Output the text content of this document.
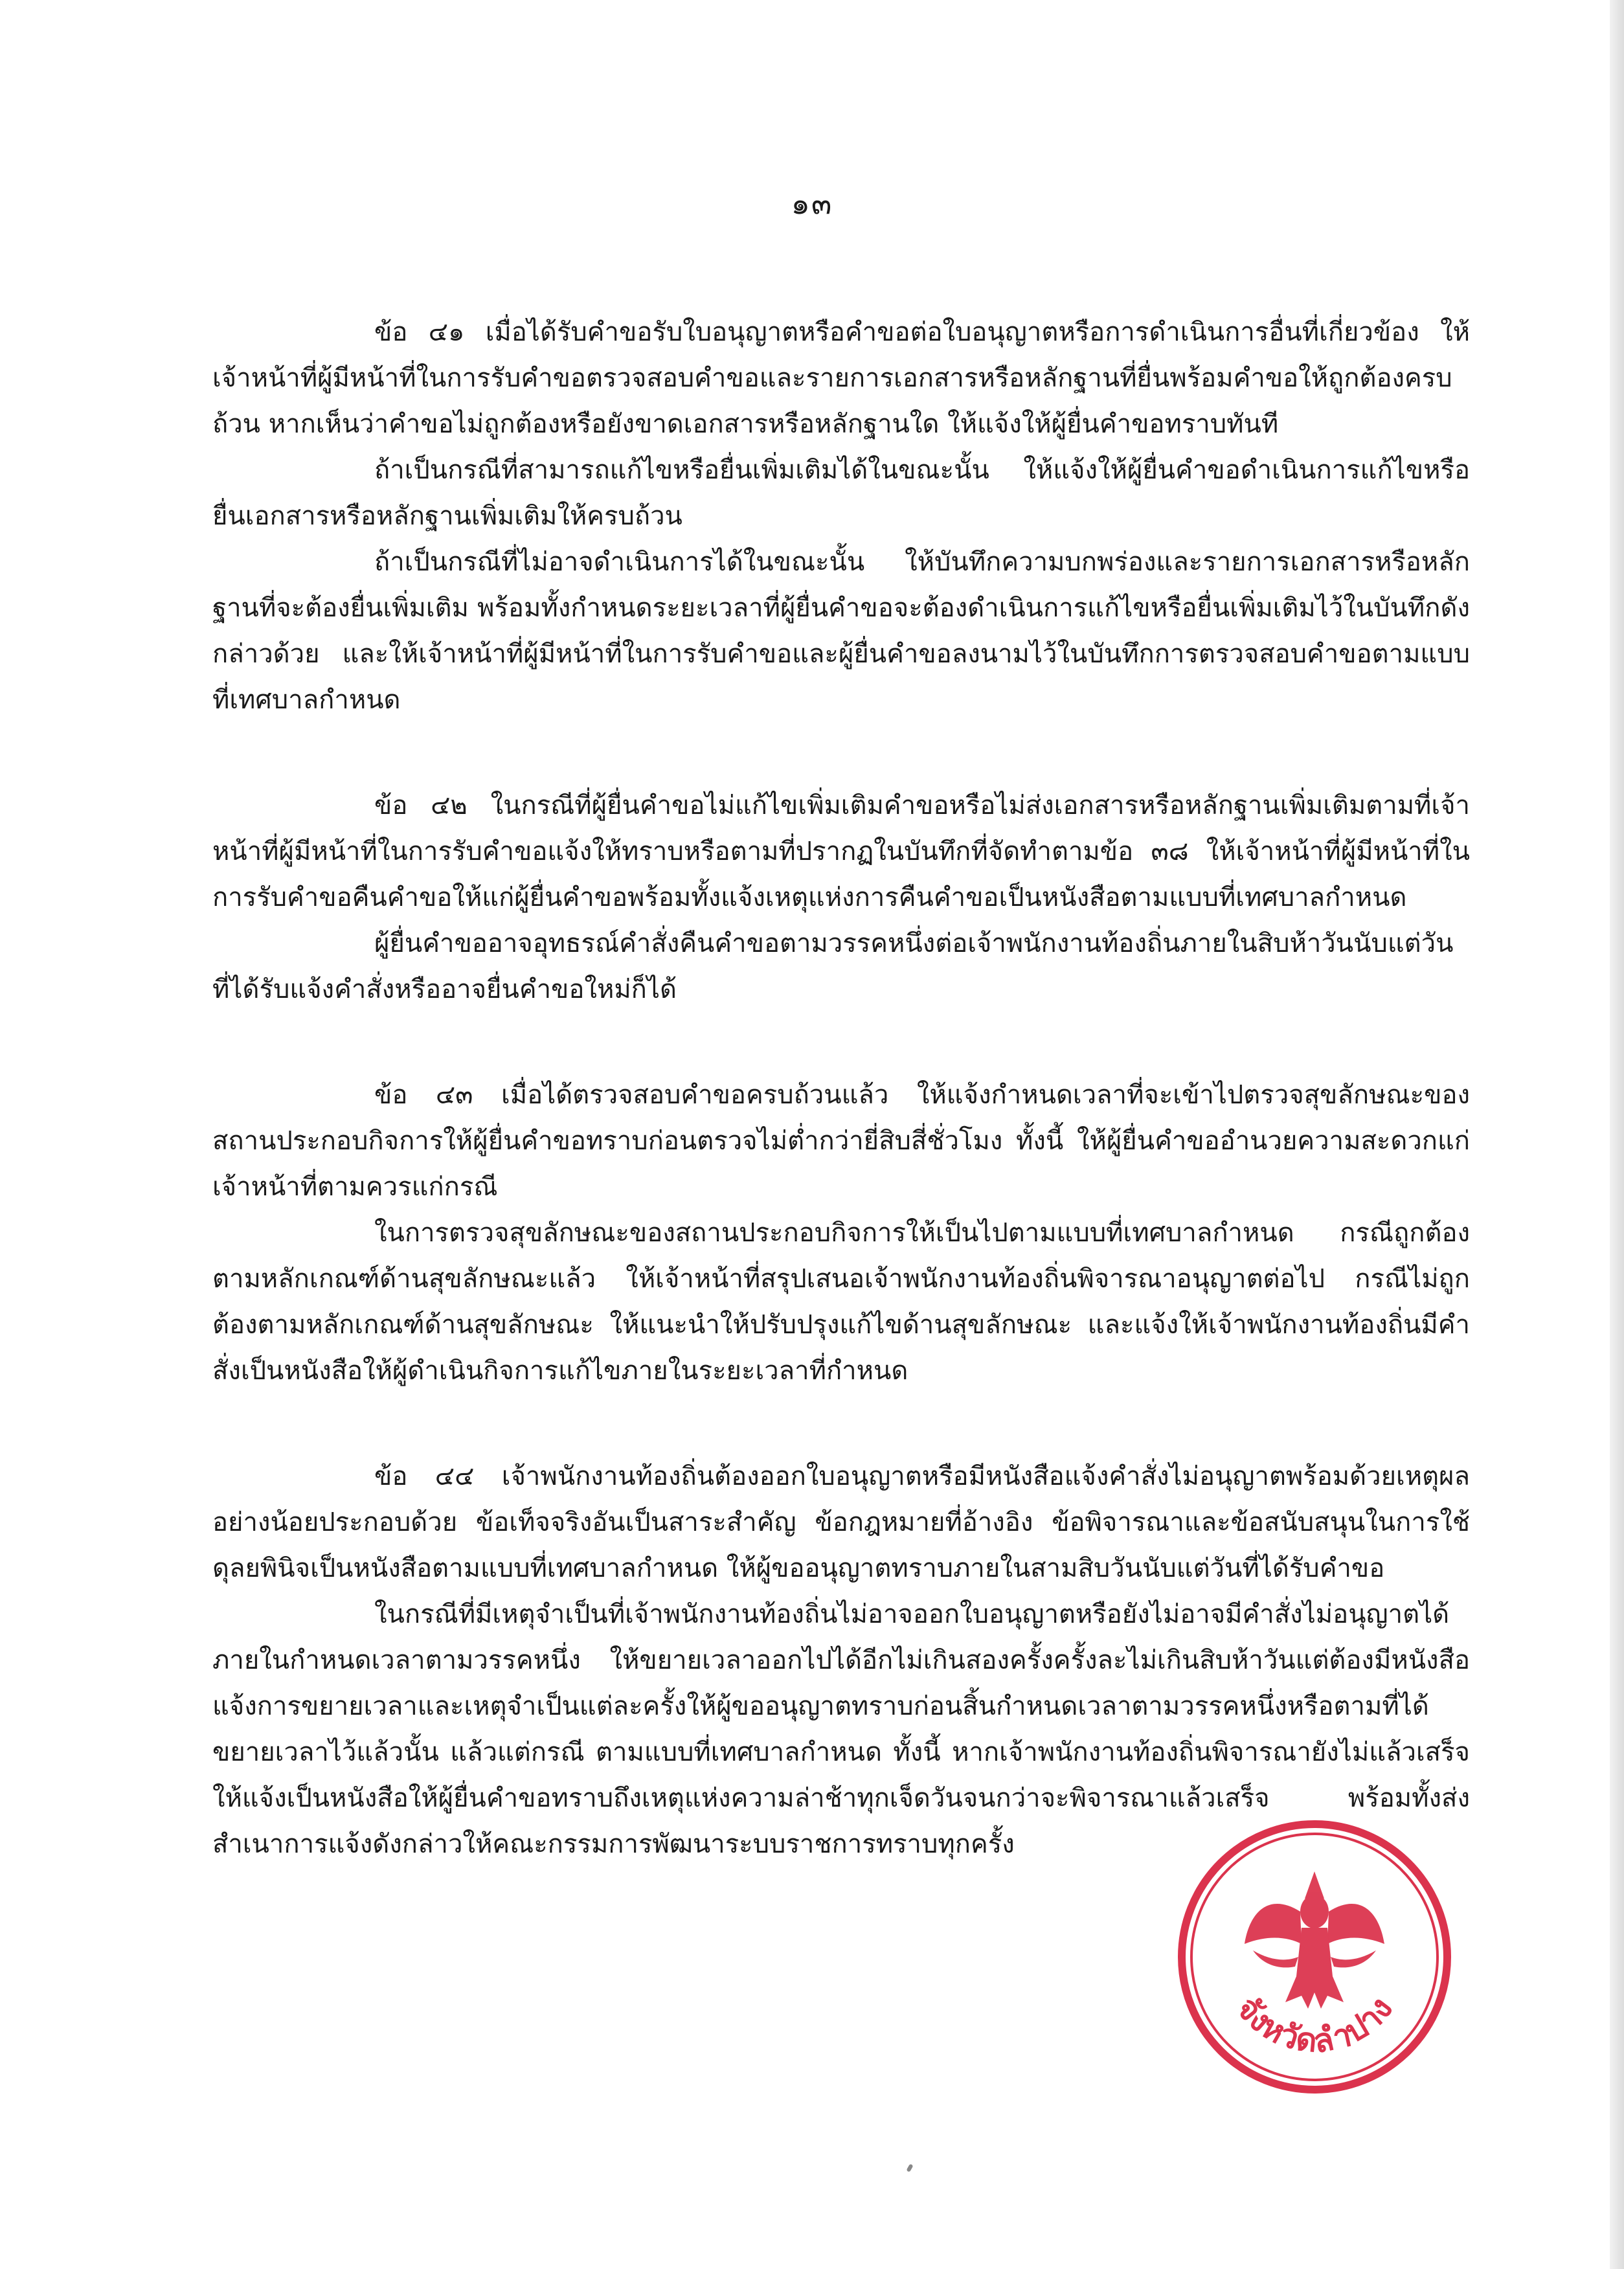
๑๓

ข้อ ๔๑ เมื่อได้รับคำขอรับใบอนุญาตหรือคำขอต่อใบอนุญาตหรือการดำเนินการอื่นที่เกี่ยวข้อง ให้เจ้าหน้าที่ผู้มีหน้าที่ในการรับคำขอตรวจสอบคำขอและรายการเอกสารหรือหลักฐานที่ยื่นพร้อมคำขอให้ถูกต้องครบถ้วน หากเห็นว่าคำขอไม่ถูกต้องหรือยังขาดเอกสารหรือหลักฐานใด ให้แจ้งให้ผู้ยื่นคำขอทราบทันที

ถ้าเป็นกรณีที่สามารถแก้ไขหรือยื่นเพิ่มเติมได้ในขณะนั้น ให้แจ้งให้ผู้ยื่นคำขอดำเนินการแก้ไขหรือยื่นเอกสารหรือหลักฐานเพิ่มเติมให้ครบถ้วน

ถ้าเป็นกรณีที่ไม่อาจดำเนินการได้ในขณะนั้น ให้บันทึกความบกพร่องและรายการเอกสารหรือหลักฐานที่จะต้องยื่นเพิ่มเติม พร้อมทั้งกำหนดระยะเวลาที่ผู้ยื่นคำขอจะต้องดำเนินการแก้ไขหรือยื่นเพิ่มเติมไว้ในบันทึกดังกล่าวด้วย และให้เจ้าหน้าที่ผู้มีหน้าที่ในการรับคำขอและผู้ยื่นคำขอลงนามไว้ในบันทึกการตรวจสอบคำขอตามแบบที่เทศบาลกำหนด

ข้อ ๔๒ ในกรณีที่ผู้ยื่นคำขอไม่แก้ไขเพิ่มเติมคำขอหรือไม่ส่งเอกสารหรือหลักฐานเพิ่มเติมตามที่เจ้าหน้าที่ผู้มีหน้าที่ในการรับคำขอแจ้งให้ทราบหรือตามที่ปรากฏในบันทึกที่จัดทำตามข้อ ๓๘ ให้เจ้าหน้าที่ผู้มีหน้าที่ในการรับคำขอคืนคำขอให้แก่ผู้ยื่นคำขอพร้อมทั้งแจ้งเหตุแห่งการคืนคำขอเป็นหนังสือตามแบบที่เทศบาลกำหนด

ผู้ยื่นคำขออาจอุทธรณ์คำสั่งคืนคำขอตามวรรคหนึ่งต่อเจ้าพนักงานท้องถิ่นภายในสิบห้าวันนับแต่วันที่ได้รับแจ้งคำสั่งหรืออาจยื่นคำขอใหม่ก็ได้

ข้อ ๔๓ เมื่อได้ตรวจสอบคำขอครบถ้วนแล้ว ให้แจ้งกำหนดเวลาที่จะเข้าไปตรวจสุขลักษณะของสถานประกอบกิจการให้ผู้ยื่นคำขอทราบก่อนตรวจไม่ต่ำกว่ายี่สิบสี่ชั่วโมง ทั้งนี้ ให้ผู้ยื่นคำขออำนวยความสะดวกแก่เจ้าหน้าที่ตามควรแก่กรณี

ในการตรวจสุขลักษณะของสถานประกอบกิจการให้เป็นไปตามแบบที่เทศบาลกำหนด กรณีถูกต้องตามหลักเกณฑ์ด้านสุขลักษณะแล้ว ให้เจ้าหน้าที่สรุปเสนอเจ้าพนักงานท้องถิ่นพิจารณาอนุญาตต่อไป กรณีไม่ถูกต้องตามหลักเกณฑ์ด้านสุขลักษณะ ให้แนะนำให้ปรับปรุงแก้ไขด้านสุขลักษณะ และแจ้งให้เจ้าพนักงานท้องถิ่นมีคำสั่งเป็นหนังสือให้ผู้ดำเนินกิจการแก้ไขภายในระยะเวลาที่กำหนด

ข้อ ๔๔ เจ้าพนักงานท้องถิ่นต้องออกใบอนุญาตหรือมีหนังสือแจ้งคำสั่งไม่อนุญาตพร้อมด้วยเหตุผลอย่างน้อยประกอบด้วย ข้อเท็จจริงอันเป็นสาระสำคัญ ข้อกฎหมายที่อ้างอิง ข้อพิจารณาและข้อสนับสนุนในการใช้ดุลยพินิจเป็นหนังสือตามแบบที่เทศบาลกำหนด ให้ผู้ขออนุญาตทราบภายในสามสิบวันนับแต่วันที่ได้รับคำขอ

ในกรณีที่มีเหตุจำเป็นที่เจ้าพนักงานท้องถิ่นไม่อาจออกใบอนุญาตหรือยังไม่อาจมีคำสั่งไม่อนุญาตได้ภายในกำหนดเวลาตามวรรคหนึ่ง ให้ขยายเวลาออกไปได้อีกไม่เกินสองครั้งครั้งละไม่เกินสิบห้าวันแต่ต้องมีหนังสือแจ้งการขยายเวลาและเหตุจำเป็นแต่ละครั้งให้ผู้ขออนุญาตทราบก่อนสิ้นกำหนดเวลาตามวรรคหนึ่งหรือตามที่ได้ขยายเวลาไว้แล้วนั้น แล้วแต่กรณี ตามแบบที่เทศบาลกำหนด ทั้งนี้ หากเจ้าพนักงานท้องถิ่นพิจารณายังไม่แล้วเสร็จให้แจ้งเป็นหนังสือให้ผู้ยื่นคำขอทราบถึงเหตุแห่งความล่าช้าทุกเจ็ดวันจนกว่าจะพิจารณาแล้วเสร็จ พร้อมทั้งส่งสำเนาการแจ้งดังกล่าวให้คณะกรรมการพัฒนาระบบราชการทราบทุกครั้ง

จังหวัดลำปาง
